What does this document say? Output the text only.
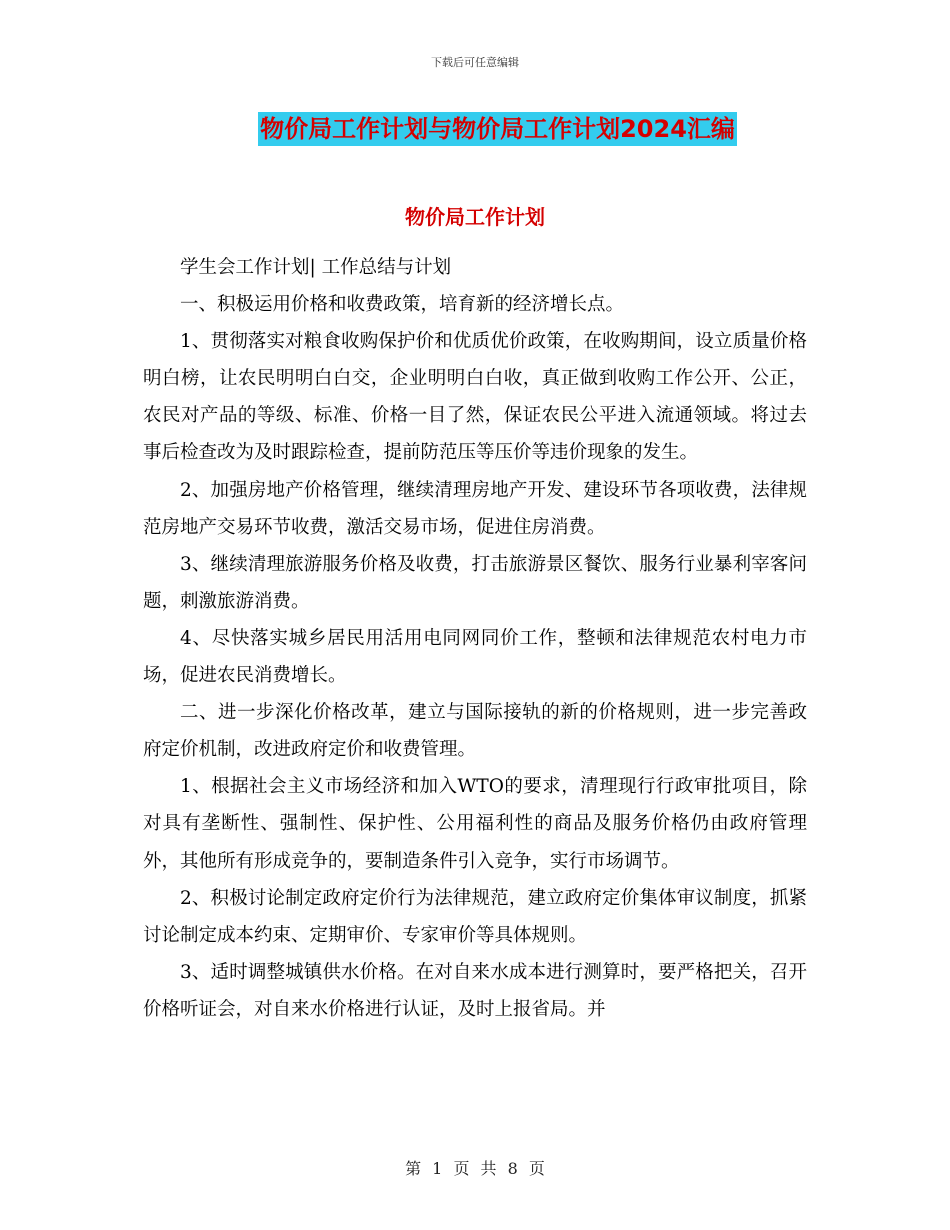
下载后可任意编辑
物价局工作计划与物价局工作计划2024汇编
物价局工作计划

学生会工作计划| 工作总结与计划

一、积极运用价格和收费政策，培育新的经济增长点。

1、贯彻落实对粮食收购保护价和优质优价政策，在收购期间，设立质量价格明白榜，让农民明明白白交，企业明明白白收，真正做到收购工作公开、公正，农民对产品的等级、标准、价格一目了然，保证农民公平进入流通领域。将过去事后检查改为及时跟踪检查，提前防范压等压价等违价现象的发生。

2、加强房地产价格管理，继续清理房地产开发、建设环节各项收费，法律规范房地产交易环节收费，激活交易市场，促进住房消费。

3、继续清理旅游服务价格及收费，打击旅游景区餐饮、服务行业暴利宰客问题，刺激旅游消费。

4、尽快落实城乡居民用活用电同网同价工作，整顿和法律规范农村电力市场，促进农民消费增长。

二、进一步深化价格改革，建立与国际接轨的新的价格规则，进一步完善政府定价机制，改进政府定价和收费管理。

1、根据社会主义市场经济和加入WTO的要求，清理现行行政审批项目，除对具有垄断性、强制性、保护性、公用福利性的商品及服务价格仍由政府管理外，其他所有形成竞争的，要制造条件引入竞争，实行市场调节。

2、积极讨论制定政府定价行为法律规范，建立政府定价集体审议制度，抓紧讨论制定成本约束、定期审价、专家审价等具体规则。

3、适时调整城镇供水价格。在对自来水成本进行测算时，要严格把关，召开价格听证会，对自来水价格进行认证，及时上报省局。并

第 1 页 共 8 页
